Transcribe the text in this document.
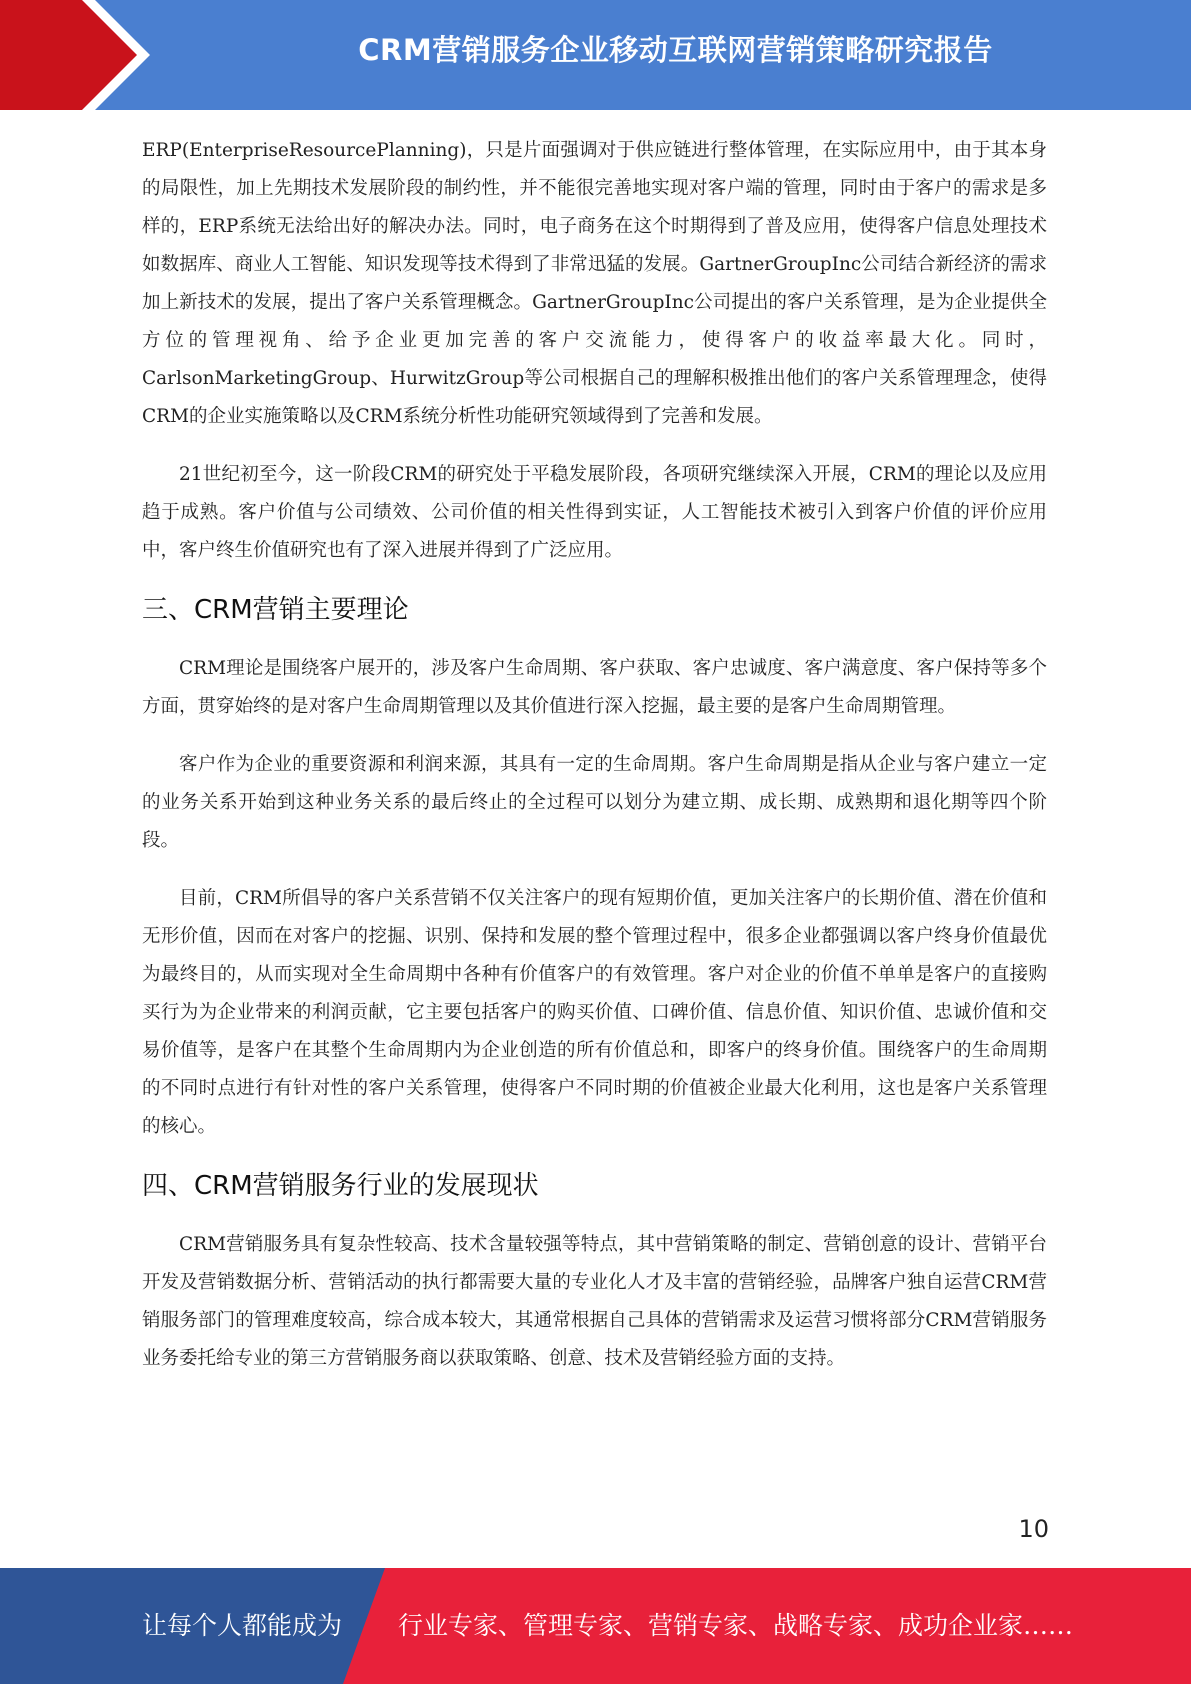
CRM营销服务企业移动互联网营销策略研究报告

ERP(EnterpriseResourcePlanning)，只是片面强调对于供应链进行整体管理，在实际应用中，由于其本身的局限性，加上先期技术发展阶段的制约性，并不能很完善地实现对客户端的管理，同时由于客户的需求是多样的，ERP系统无法给出好的解决办法。同时，电子商务在这个时期得到了普及应用，使得客户信息处理技术如数据库、商业人工智能、知识发现等技术得到了非常迅猛的发展。GartnerGroupInc公司结合新经济的需求加上新技术的发展，提出了客户关系管理概念。GartnerGroupInc公司提出的客户关系管理，是为企业提供全方位的管理视角、给予企业更加完善的客户交流能力，使得客户的收益率最大化。同时，CarlsonMarketingGroup、HurwitzGroup等公司根据自己的理解积极推出他们的客户关系管理理念，使得CRM的企业实施策略以及CRM系统分析性功能研究领域得到了完善和发展。

21世纪初至今，这一阶段CRM的研究处于平稳发展阶段，各项研究继续深入开展，CRM的理论以及应用趋于成熟。客户价值与公司绩效、公司价值的相关性得到实证，人工智能技术被引入到客户价值的评价应用中，客户终生价值研究也有了深入进展并得到了广泛应用。

三、CRM营销主要理论

CRM理论是围绕客户展开的，涉及客户生命周期、客户获取、客户忠诚度、客户满意度、客户保持等多个方面，贯穿始终的是对客户生命周期管理以及其价值进行深入挖掘，最主要的是客户生命周期管理。

客户作为企业的重要资源和利润来源，其具有一定的生命周期。客户生命周期是指从企业与客户建立一定的业务关系开始到这种业务关系的最后终止的全过程可以划分为建立期、成长期、成熟期和退化期等四个阶段。

目前，CRM所倡导的客户关系营销不仅关注客户的现有短期价值，更加关注客户的长期价值、潜在价值和无形价值，因而在对客户的挖掘、识别、保持和发展的整个管理过程中，很多企业都强调以客户终身价值最优为最终目的，从而实现对全生命周期中各种有价值客户的有效管理。客户对企业的价值不单单是客户的直接购买行为为企业带来的利润贡献，它主要包括客户的购买价值、口碑价值、信息价值、知识价值、忠诚价值和交易价值等，是客户在其整个生命周期内为企业创造的所有价值总和，即客户的终身价值。围绕客户的生命周期的不同时点进行有针对性的客户关系管理，使得客户不同时期的价值被企业最大化利用，这也是客户关系管理的核心。

四、CRM营销服务行业的发展现状

CRM营销服务具有复杂性较高、技术含量较强等特点，其中营销策略的制定、营销创意的设计、营销平台开发及营销数据分析、营销活动的执行都需要大量的专业化人才及丰富的营销经验，品牌客户独自运营CRM营销服务部门的管理难度较高，综合成本较大，其通常根据自己具体的营销需求及运营习惯将部分CRM营销服务业务委托给专业的第三方营销服务商以获取策略、创意、技术及营销经验方面的支持。

10
让每个人都能成为 行业专家、管理专家、营销专家、战略专家、成功企业家……
